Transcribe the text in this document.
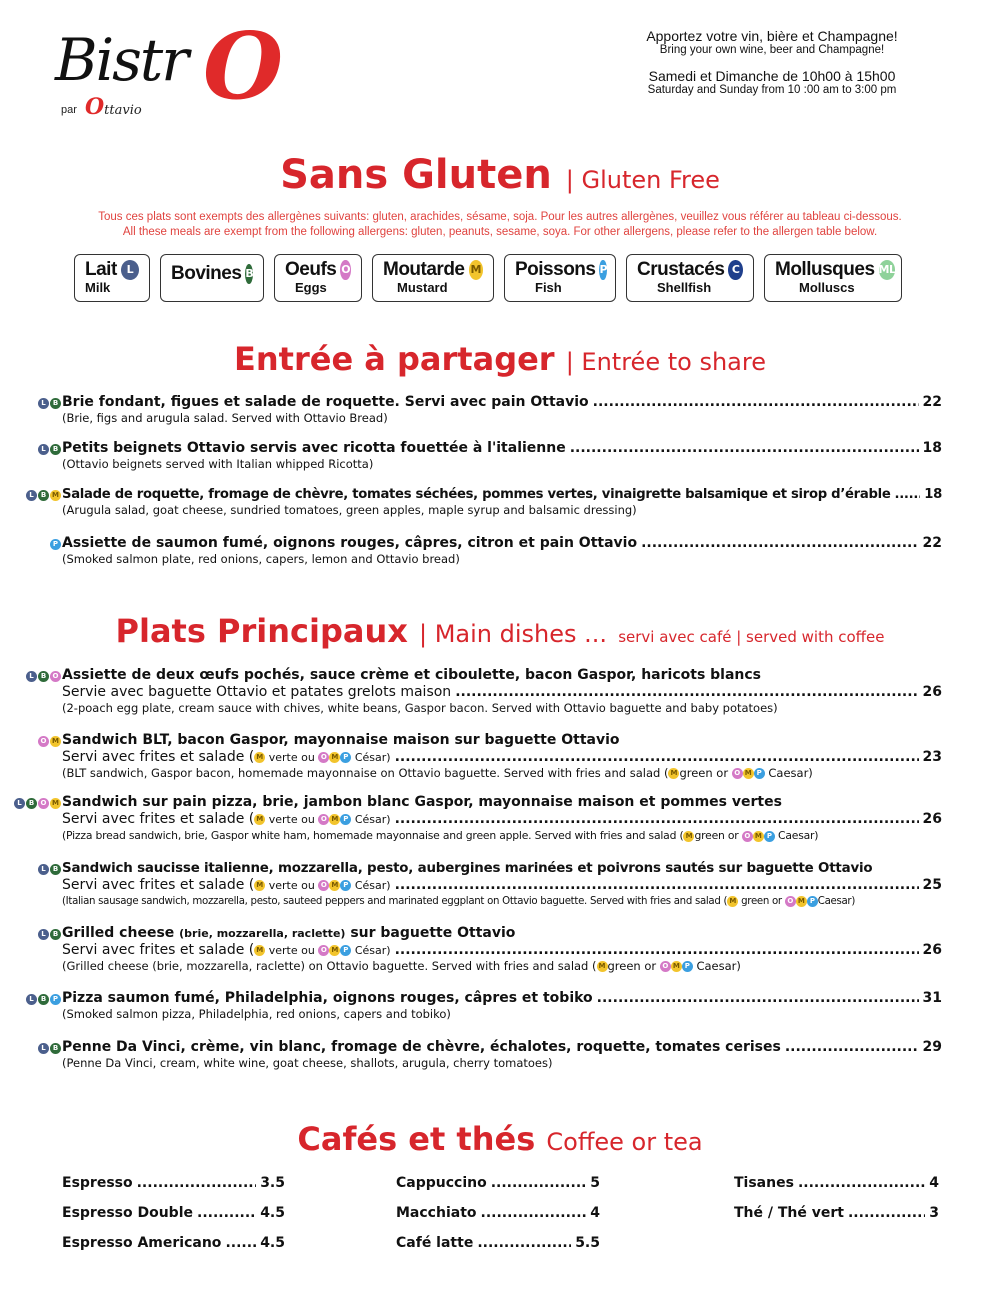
Bistr O
par Ottavio
Apportez votre vin, bière et Champagne!
Bring your own wine, beer and Champagne!
Samedi et Dimanche de 10h00 à 15h00
Saturday and Sunday from 10 :00 am to 3:00 pm
Sans Gluten | Gluten Free
Tous ces plats sont exempts des allergènes suivants: gluten, arachides, sésame, soja. Pour les autres allergènes, veuillez vous référer au tableau ci-dessous.
All these meals are exempt from the following allergens: gluten, peanuts, sesame, soya. For other allergens, please refer to the allergen table below.
Lait L
Milk
Bovines B Oeufs O
Eggs
Moutarde M
Mustard
Poissons P
Fish
Crustacés C
Shellfish
Mollusques ML
Molluscs
Entrée à partager | Entrée to share
L B Brie fondant, figues et salade de roquette. Servi avec pain Ottavio .....	22
(Brie, figs and arugula salad. Served with Ottavio Bread)
L B Petits beignets Ottavio servis avec ricotta fouettée à l'italienne .....	18
(Ottavio beignets served with Italian whipped Ricotta)
L B M Salade de roquette, fromage de chèvre, tomates séchées, pommes vertes, vinaigrette balsamique et sirop d’érable .....	18
(Arugula salad, goat cheese, sundried tomatoes, green apples, maple syrup and balsamic dressing)
P Assiette de saumon fumé, oignons rouges, câpres, citron et pain Ottavio .....	22
(Smoked salmon plate, red onions, capers, lemon and Ottavio bread)
Plats Principaux | Main dishes ... servi avec café | served with coffee
L B O Assiette de deux œufs pochés, sauce crème et ciboulette, bacon Gaspor, haricots blancs
Servie avec baguette Ottavio et patates grelots maison .....	26
(2-poach egg plate, cream sauce with chives, white beans, Gaspor bacon. Served with Ottavio baguette and baby potatoes)
O M Sandwich BLT, bacon Gaspor, mayonnaise maison sur baguette Ottavio
Servi avec frites et salade ( M verte ou O M P César) .....	23
(BLT sandwich, Gaspor bacon, homemade mayonnaise on Ottavio baguette. Served with fries and salad ( M green or O M P Caesar)
L B O M Sandwich sur pain pizza, brie, jambon blanc Gaspor, mayonnaise maison et pommes vertes
Servi avec frites et salade ( M verte ou O M P César) .....	26
(Pizza bread sandwich, brie, Gaspor white ham, homemade mayonnaise and green apple. Served with fries and salad ( M green or O M P Caesar)
L B Sandwich saucisse italienne, mozzarella, pesto, aubergines marinées et poivrons sautés sur baguette Ottavio
Servi avec frites et salade ( M verte ou O M P César) .....	25
(Italian sausage sandwich, mozzarella, pesto, sauteed peppers and marinated eggplant on Ottavio baguette. Served with fries and salad ( M green or O M P Caesar)
L B Grilled cheese (brie, mozzarella, raclette) sur baguette Ottavio
Servi avec frites et salade ( M verte ou O M P César) .....	26
(Grilled cheese (brie, mozzarella, raclette) on Ottavio baguette. Served with fries and salad ( M green or O M P Caesar)
L B P Pizza saumon fumé, Philadelphia, oignons rouges, câpres et tobiko .....	31
(Smoked salmon pizza, Philadelphia, red onions, capers and tobiko)
L B Penne Da Vinci, crème, vin blanc, fromage de chèvre, échalotes, roquette, tomates cerises .....	29
(Penne Da Vinci, cream, white wine, goat cheese, shallots, arugula, cherry tomatoes)
Cafés et thés Coffee or tea
Espresso .....	3.5
Espresso Double .....	4.5
Espresso Americano .....	4.5
Cappuccino .....	5
Macchiato .....	4
Café latte .....	5.5
Tisanes .....	4
Thé / Thé vert .....	3
